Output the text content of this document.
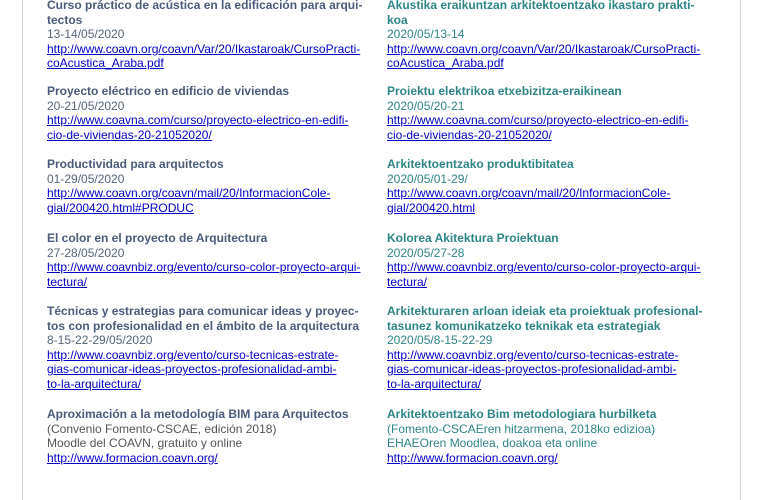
Curso práctico de acústica en la edificación para arqui-
tectos
13-14/05/2020
http://www.coavn.org/coavn/Var/20/Ikastaroak/CursoPracti-
coAcustica_Araba.pdf
Proyecto eléctrico en edificio de viviendas
20-21/05/2020
http://www.coavna.com/curso/proyecto-electrico-en-edifi-
cio-de-viviendas-20-21052020/
Productividad para arquitectos
01-29/05/2020
http://www.coavn.org/coavn/mail/20/InformacionCole-
gial/200420.html#PRODUC
El color en el proyecto de Arquitectura
27-28/05/2020
http://www.coavnbiz.org/evento/curso-color-proyecto-arqui-
tectura/
Técnicas y estrategias para comunicar ideas y proyec-
tos con profesionalidad en el ámbito de la arquitectura
8-15-22-29/05/2020
http://www.coavnbiz.org/evento/curso-tecnicas-estrate-
gias-comunicar-ideas-proyectos-profesionalidad-ambi-
to-la-arquitectura/
Aproximación a la metodología BIM para Arquitectos
(Convenio Fomento-CSCAE, edición 2018)
Moodle del COAVN, gratuito y online
http://www.formacion.coavn.org/
Akustika eraikuntzan arkitektoentzako ikastaro prakti-
koa
2020/05/13-14
http://www.coavn.org/coavn/Var/20/Ikastaroak/CursoPracti-
coAcustica_Araba.pdf
Proiektu elektrikoa etxebizitza-eraikinean
2020/05/20-21
http://www.coavna.com/curso/proyecto-electrico-en-edifi-
cio-de-viviendas-20-21052020/
Arkitektoentzako produktibitatea
2020/05/01-29/
http://www.coavn.org/coavn/mail/20/InformacionCole-
gial/200420.html
Kolorea Akitektura Proiektuan
2020/05/27-28
http://www.coavnbiz.org/evento/curso-color-proyecto-arqui-
tectura/
Arkitekturaren arloan ideiak eta proiektuak profesional-
tasunez komunikatzeko teknikak eta estrategiak
2020/05/8-15-22-29
http://www.coavnbiz.org/evento/curso-tecnicas-estrate-
gias-comunicar-ideas-proyectos-profesionalidad-ambi-
to-la-arquitectura/
Arkitektoentzako Bim metodologiara hurbilketa
(Fomento-CSCAEren hitzarmena, 2018ko edizioa)
EHAEOren Moodlea, doakoa eta online
http://www.formacion.coavn.org/
